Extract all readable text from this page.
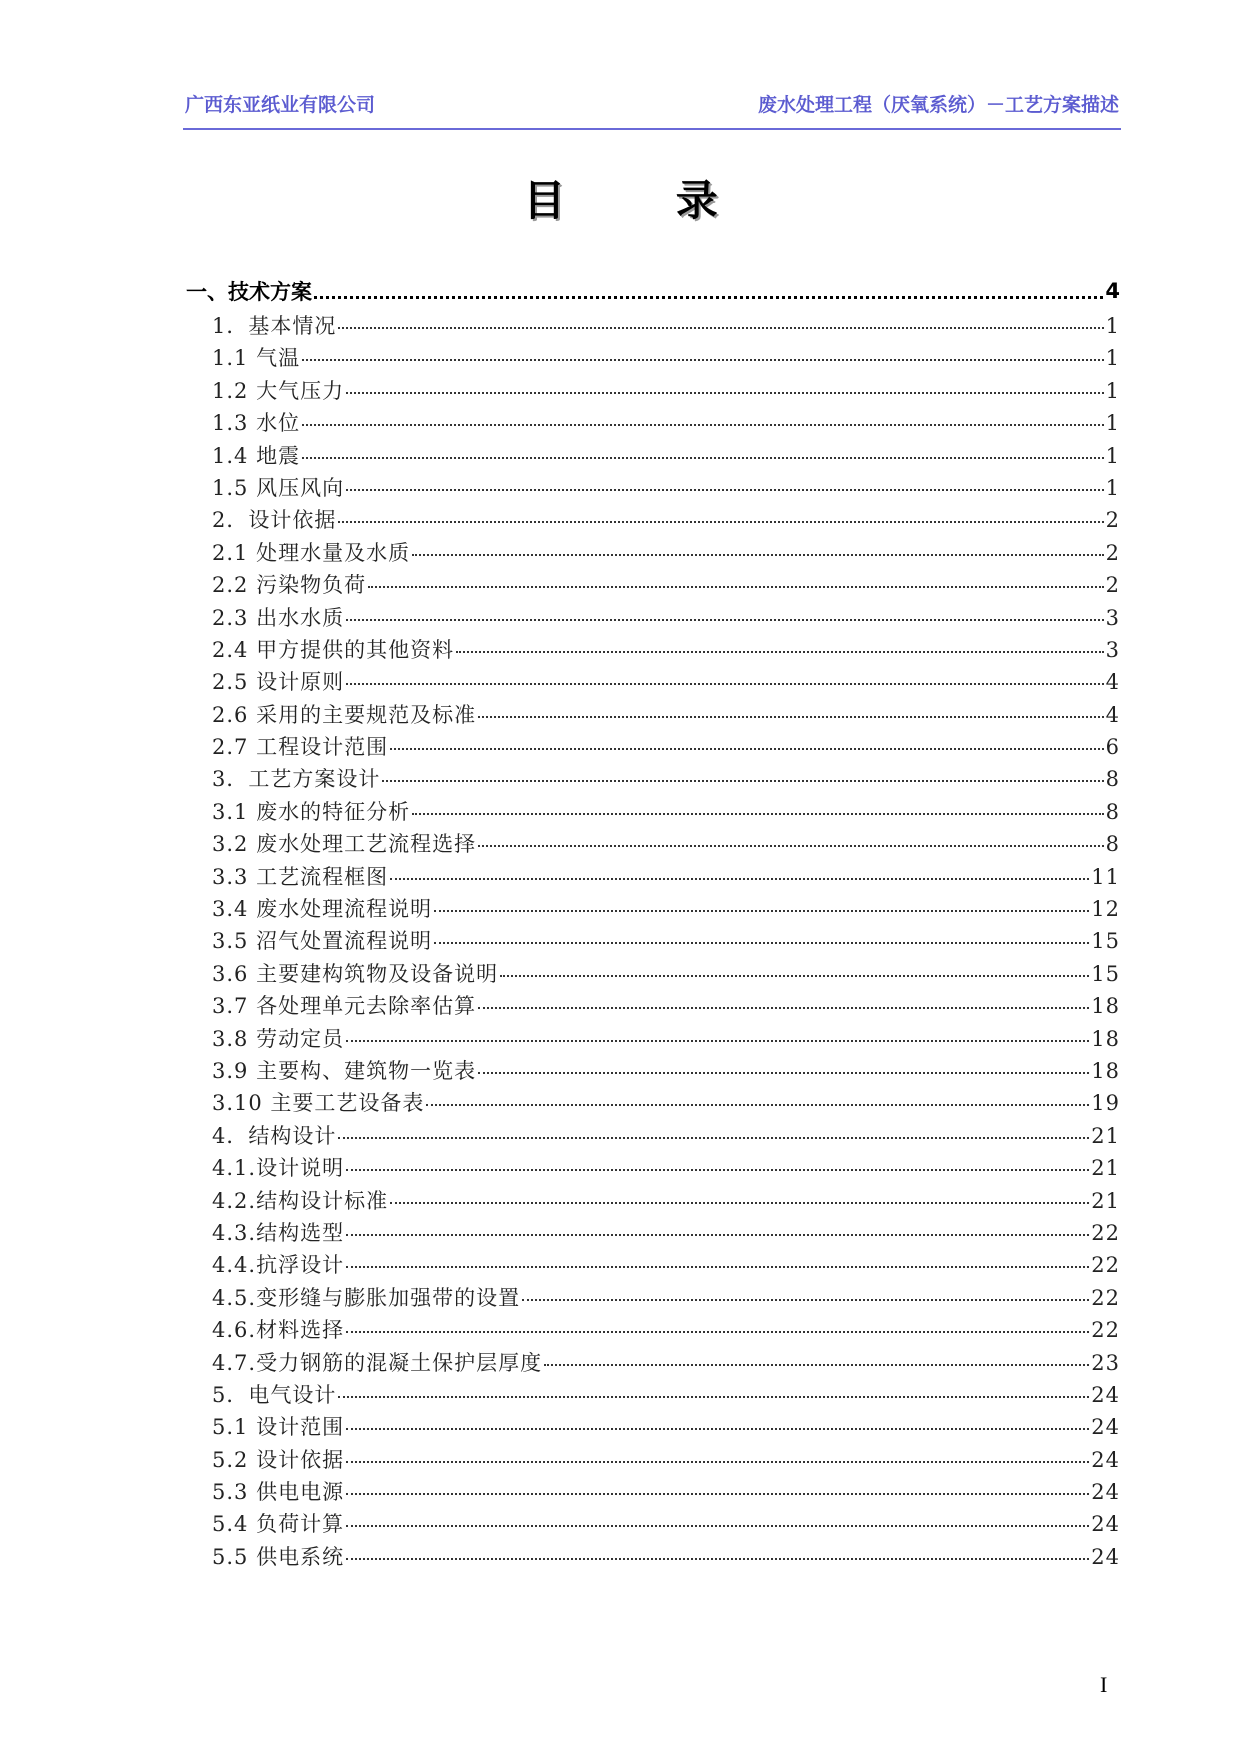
广西东亚纸业有限公司	废水处理工程（厌氧系统）－工艺方案描述
目 录
一、技术方案	4
1．基本情况	1
1.1 气温	1
1.2 大气压力	1
1.3 水位	1
1.4 地震	1
1.5 风压风向	1
2．设计依据	2
2.1 处理水量及水质	2
2.2 污染物负荷	2
2.3 出水水质	3
2.4 甲方提供的其他资料	3
2.5 设计原则	4
2.6 采用的主要规范及标准	4
2.7 工程设计范围	6
3．工艺方案设计	8
3.1 废水的特征分析	8
3.2 废水处理工艺流程选择	8
3.3 工艺流程框图	11
3.4 废水处理流程说明	12
3.5 沼气处置流程说明	15
3.6 主要建构筑物及设备说明	15
3.7 各处理单元去除率估算	18
3.8 劳动定员	18
3.9 主要构、建筑物一览表	18
3.10 主要工艺设备表	19
4．结构设计	21
4.1.设计说明	21
4.2.结构设计标准	21
4.3.结构选型	22
4.4.抗浮设计	22
4.5.变形缝与膨胀加强带的设置	22
4.6.材料选择	22
4.7.受力钢筋的混凝土保护层厚度	23
5．电气设计	24
5.1 设计范围	24
5.2 设计依据	24
5.3 供电电源	24
5.4 负荷计算	24
5.5 供电系统	24
I
